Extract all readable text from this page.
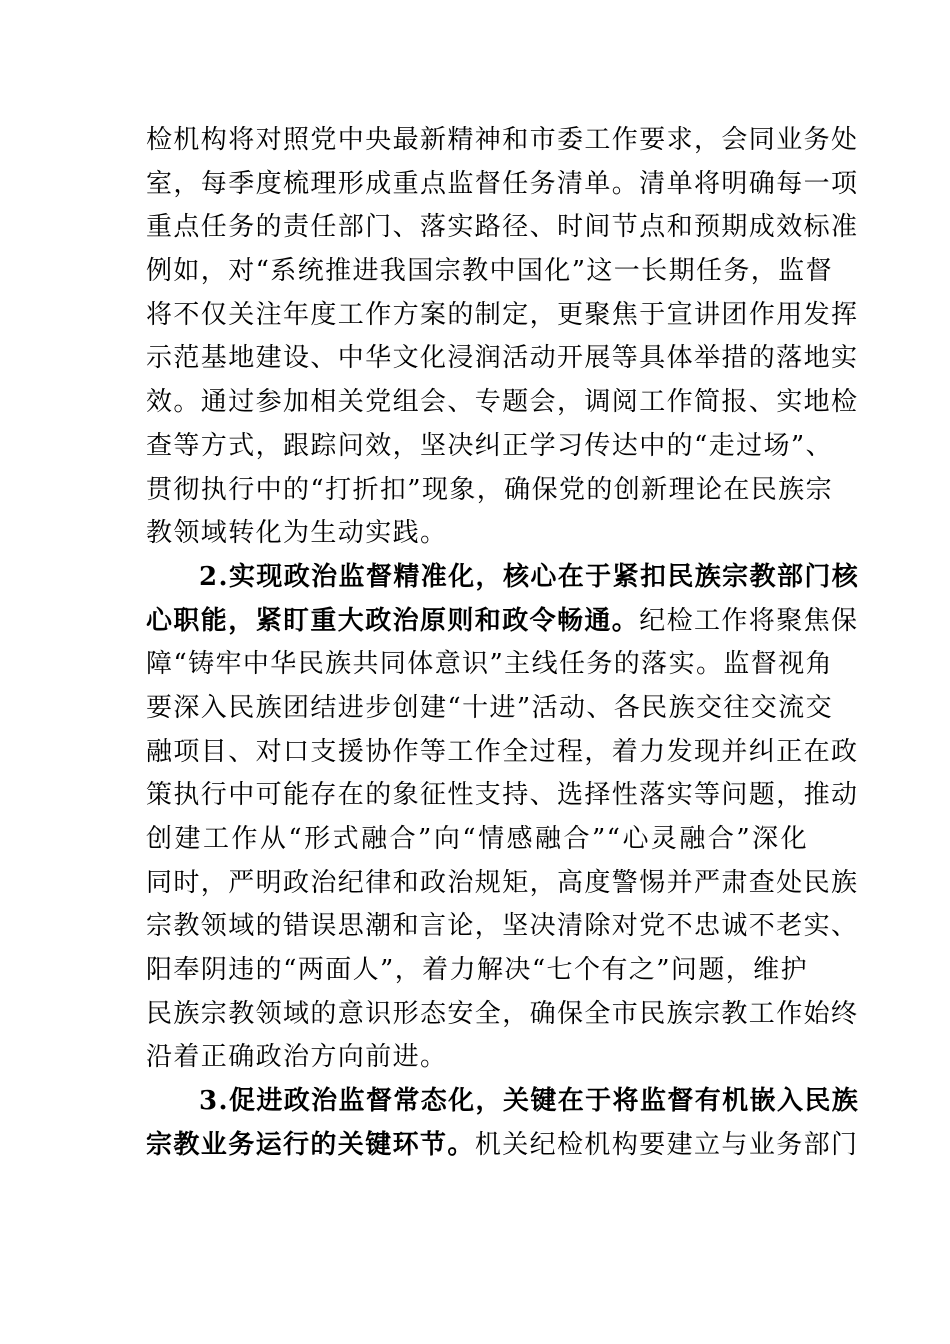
检机构将对照党中央最新精神和市委工作要求，会同业务处
室，每季度梳理形成重点监督任务清单。清单将明确每一项
重点任务的责任部门、落实路径、时间节点和预期成效标准
例如，对“系统推进我国宗教中国化”这一长期任务，监督
将不仅关注年度工作方案的制定，更聚焦于宣讲团作用发挥
示范基地建设、中华文化浸润活动开展等具体举措的落地实
效。通过参加相关党组会、专题会，调阅工作简报、实地检
查等方式，跟踪问效，坚决纠正学习传达中的“走过场”、
贯彻执行中的“打折扣”现象，确保党的创新理论在民族宗
教领域转化为生动实践。
2.实现政治监督精准化，核心在于紧扣民族宗教部门核
心职能，紧盯重大政治原则和政令畅通。纪检工作将聚焦保
障“铸牢中华民族共同体意识”主线任务的落实。监督视角
要深入民族团结进步创建“十进”活动、各民族交往交流交
融项目、对口支援协作等工作全过程，着力发现并纠正在政
策执行中可能存在的象征性支持、选择性落实等问题，推动
创建工作从“形式融合”向“情感融合”“心灵融合”深化
同时，严明政治纪律和政治规矩，高度警惕并严肃查处民族
宗教领域的错误思潮和言论，坚决清除对党不忠诚不老实、
阳奉阴违的“两面人”，着力解决“七个有之”问题，维护
民族宗教领域的意识形态安全，确保全市民族宗教工作始终
沿着正确政治方向前进。
3.促进政治监督常态化，关键在于将监督有机嵌入民族
宗教业务运行的关键环节。机关纪检机构要建立与业务部门
